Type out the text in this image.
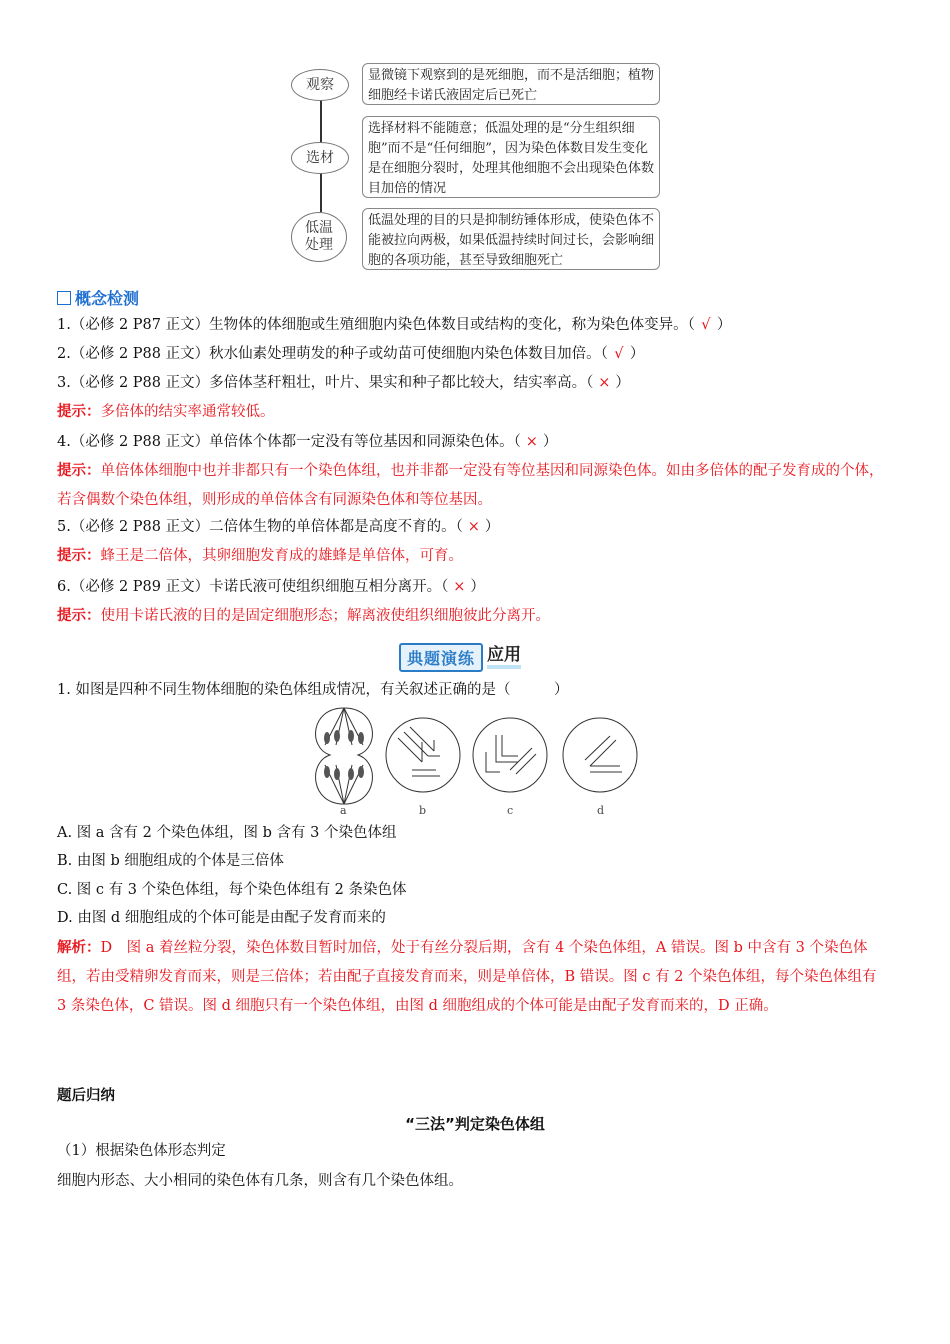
观察
显微镜下观察到的是死细胞，而不是活细胞；植物细胞经卡诺氏液固定后已死亡
选材
选择材料不能随意；低温处理的是“分生组织细胞”而不是“任何细胞”，因为染色体数目发生变化是在细胞分裂时，处理其他细胞不会出现染色体数目加倍的情况
低温处理
低温处理的目的只是抑制纺锤体形成，使染色体不能被拉向两极，如果低温持续时间过长，会影响细胞的各项功能，甚至导致细胞死亡
概念检测
1.（必修 2 P87 正文）生物体的体细胞或生殖细胞内染色体数目或结构的变化，称为染色体变异。（ √ ）
2.（必修 2 P88 正文）秋水仙素处理萌发的种子或幼苗可使细胞内染色体数目加倍。（ √ ）
3.（必修 2 P88 正文）多倍体茎秆粗壮，叶片、果实和种子都比较大，结实率高。（ × ）
提示：多倍体的结实率通常较低。
4.（必修 2 P88 正文）单倍体个体都一定没有等位基因和同源染色体。（ × ）
提示：单倍体体细胞中也并非都只有一个染色体组，也并非都一定没有等位基因和同源染色体。如由多倍体的配子发育成的个体，若含偶数个染色体组，则形成的单倍体含有同源染色体和等位基因。
5.（必修 2 P88 正文）二倍体生物的单倍体都是高度不育的。（ × ）
提示：蜂王是二倍体，其卵细胞发育成的雄蜂是单倍体，可育。
6.（必修 2 P89 正文）卡诺氏液可使组织细胞互相分离开。（ × ）
提示：使用卡诺氏液的目的是固定细胞形态；解离液使组织细胞彼此分离开。
典题演练 应用
1. 如图是四种不同生物体细胞的染色体组成情况，有关叙述正确的是（　　　）
a	b	c	d
A. 图 a 含有 2 个染色体组，图 b 含有 3 个染色体组
B. 由图 b 细胞组成的个体是三倍体
C. 图 c 有 3 个染色体组，每个染色体组有 2 条染色体
D. 由图 d 细胞组成的个体可能是由配子发育而来的
解析：D　图 a 着丝粒分裂，染色体数目暂时加倍，处于有丝分裂后期，含有 4 个染色体组，A 错误。图 b 中含有 3 个染色体组，若由受精卵发育而来，则是三倍体；若由配子直接发育而来，则是单倍体，B 错误。图 c 有 2 个染色体组，每个染色体组有 3 条染色体，C 错误。图 d 细胞只有一个染色体组，由图 d 细胞组成的个体可能是由配子发育而来的，D 正确。
题后归纳
“三法”判定染色体组
（1）根据染色体形态判定
细胞内形态、大小相同的染色体有几条，则含有几个染色体组。
